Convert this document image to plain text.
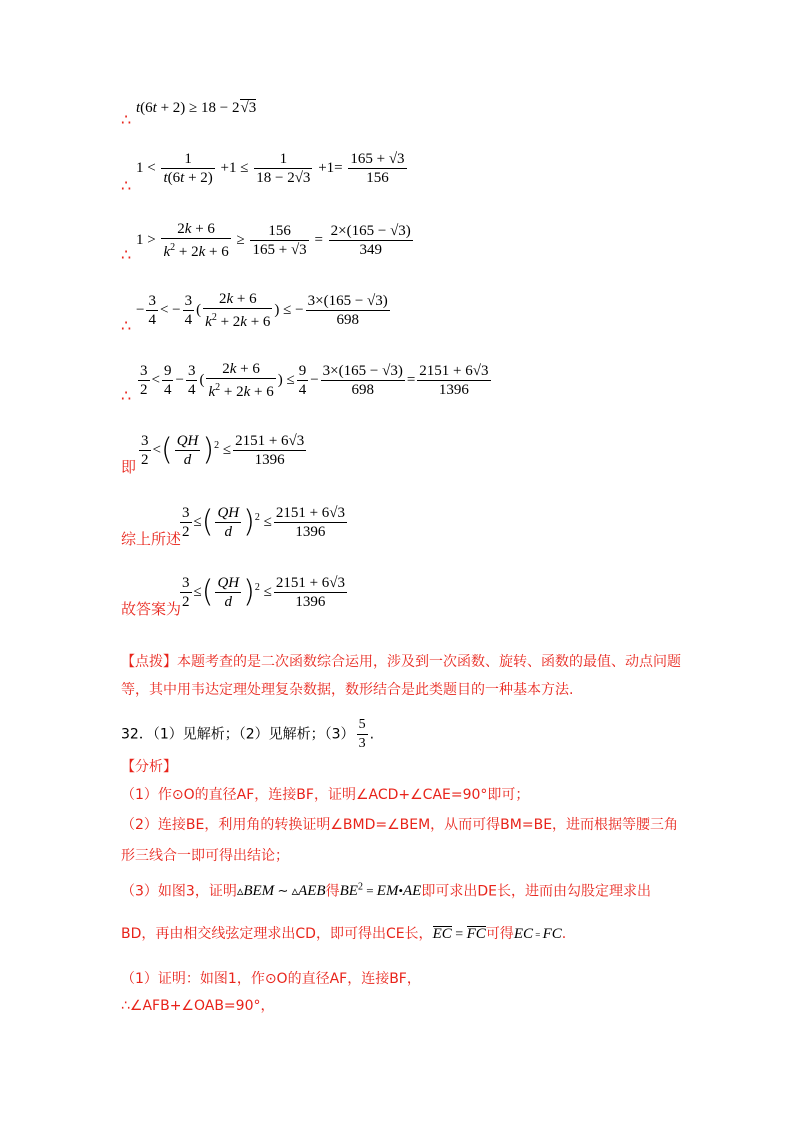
∴
t(6t + 2) ≥ 18 − 2√3
∴
$1 < \frac{1}{t(6t + 2)} +1 \le \frac{1}{18 - 2√3} +1= \frac{165 + √3}{156}$
∴
$1 > \frac{2k + 6}{k^2 + 2k + 6} \ge \frac{156}{165 + √3} = \frac{2\times(165 - √3)}{349}$
∴
− $\frac{3}{4}$ < − $\frac{3}{4}$ ( $\frac{2k + 6}{k^2 + 2k + 6}$ ) ≤ − $\frac{3\times(165 - √3)}{698}$
∴ $\frac{3}{2} < \frac{9}{4} - \frac{3}{4}$ ( $\frac{2k + 6}{k^2 + 2k + 6}$ ) ≤ $\frac{9}{4} - \frac{3\times(165 - √3)}{698} = \frac{2151 + 6√3}{1396}$
即 $\frac{3}{2}$ <( $\frac{QH}{d} )^2 \le \frac{2151 + 6√3}{1396}$
综上所述
$\frac{3}{2}$ ≤( $\frac{QH}{d} )^2 \le \frac{2151 + 6√3}{1396}$
故答案为
$\frac{3}{2}$ ≤( $\frac{QH}{d} )^2 \le \frac{2151 + 6√3}{1396}$
【点拨】本题考查的是二次函数综合运用，涉及到一次函数、旋转、函数的最值、动点问题等，其中用韦达定理处理复杂数据，数形结合是此类题目的一种基本方法.
32．（1）见解析；（2）见解析；$(3) \frac{5}{3}$ .
【分析】
（1）作⊙O的直径AF，连接BF，证明∠ACD+∠CAE=90°即可；
（2）连接BE，利用角的转换证明∠BMD=∠BEM，从而可得BM=BE，进而根据等腰三角
形三线合一即可得出结论；
（3）如图3，证明▵BEM ∼ ▵AEB得$BE^2$ = EM•AE即可求出DE长，进而由勾股定理求出
BD，再由相交线弦定理求出CD，即可得出CE长，EC = FC可得EC = FC.
（1）证明：如图1，作⊙O的直径AF，连接BF，
∴∠AFB+∠OAB=90°，
